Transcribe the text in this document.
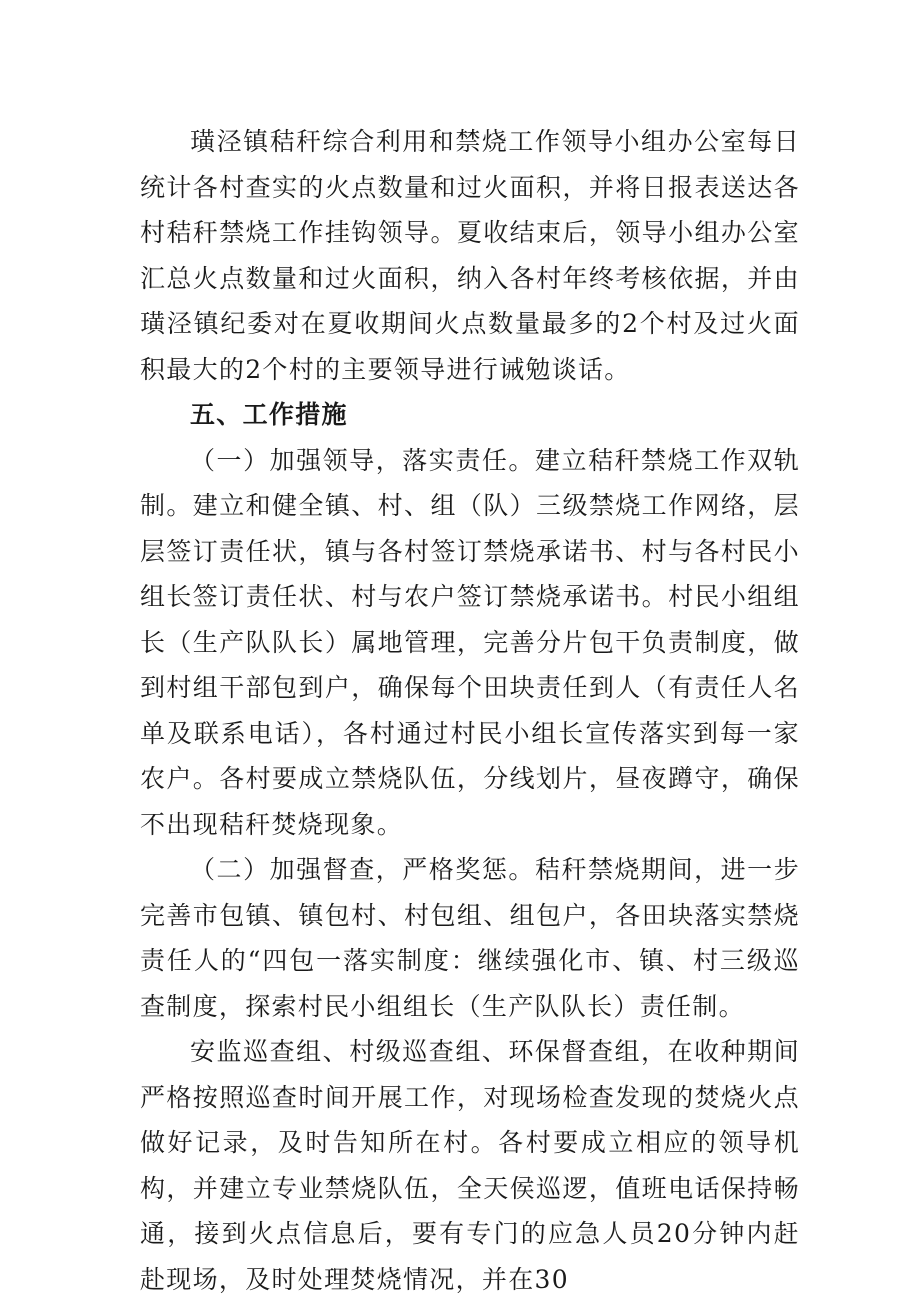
璜泾镇秸秆综合利用和禁烧工作领导小组办公室每日统计各村查实的火点数量和过火面积，并将日报表送达各村秸秆禁烧工作挂钩领导。夏收结束后，领导小组办公室汇总火点数量和过火面积，纳入各村年终考核依据，并由璜泾镇纪委对在夏收期间火点数量最多的2个村及过火面积最大的2个村的主要领导进行诫勉谈话。

五、工作措施

（一）加强领导，落实责任。建立秸秆禁烧工作双轨制。建立和健全镇、村、组（队）三级禁烧工作网络，层层签订责任状，镇与各村签订禁烧承诺书、村与各村民小组长签订责任状、村与农户签订禁烧承诺书。村民小组组长（生产队队长）属地管理，完善分片包干负责制度，做到村组干部包到户，确保每个田块责任到人（有责任人名单及联系电话），各村通过村民小组长宣传落实到每一家农户。各村要成立禁烧队伍，分线划片，昼夜蹲守，确保不出现秸秆焚烧现象。

（二）加强督查，严格奖惩。秸秆禁烧期间，进一步完善市包镇、镇包村、村包组、组包户，各田块落实禁烧责任人的“四包一落实制度：继续强化市、镇、村三级巡查制度，探索村民小组组长（生产队队长）责任制。

安监巡查组、村级巡查组、环保督查组，在收种期间严格按照巡查时间开展工作，对现场检查发现的焚烧火点做好记录，及时告知所在村。各村要成立相应的领导机构，并建立专业禁烧队伍，全天侯巡逻，值班电话保持畅通，接到火点信息后，要有专门的应急人员20分钟内赶赴现场，及时处理焚烧情况，并在30
